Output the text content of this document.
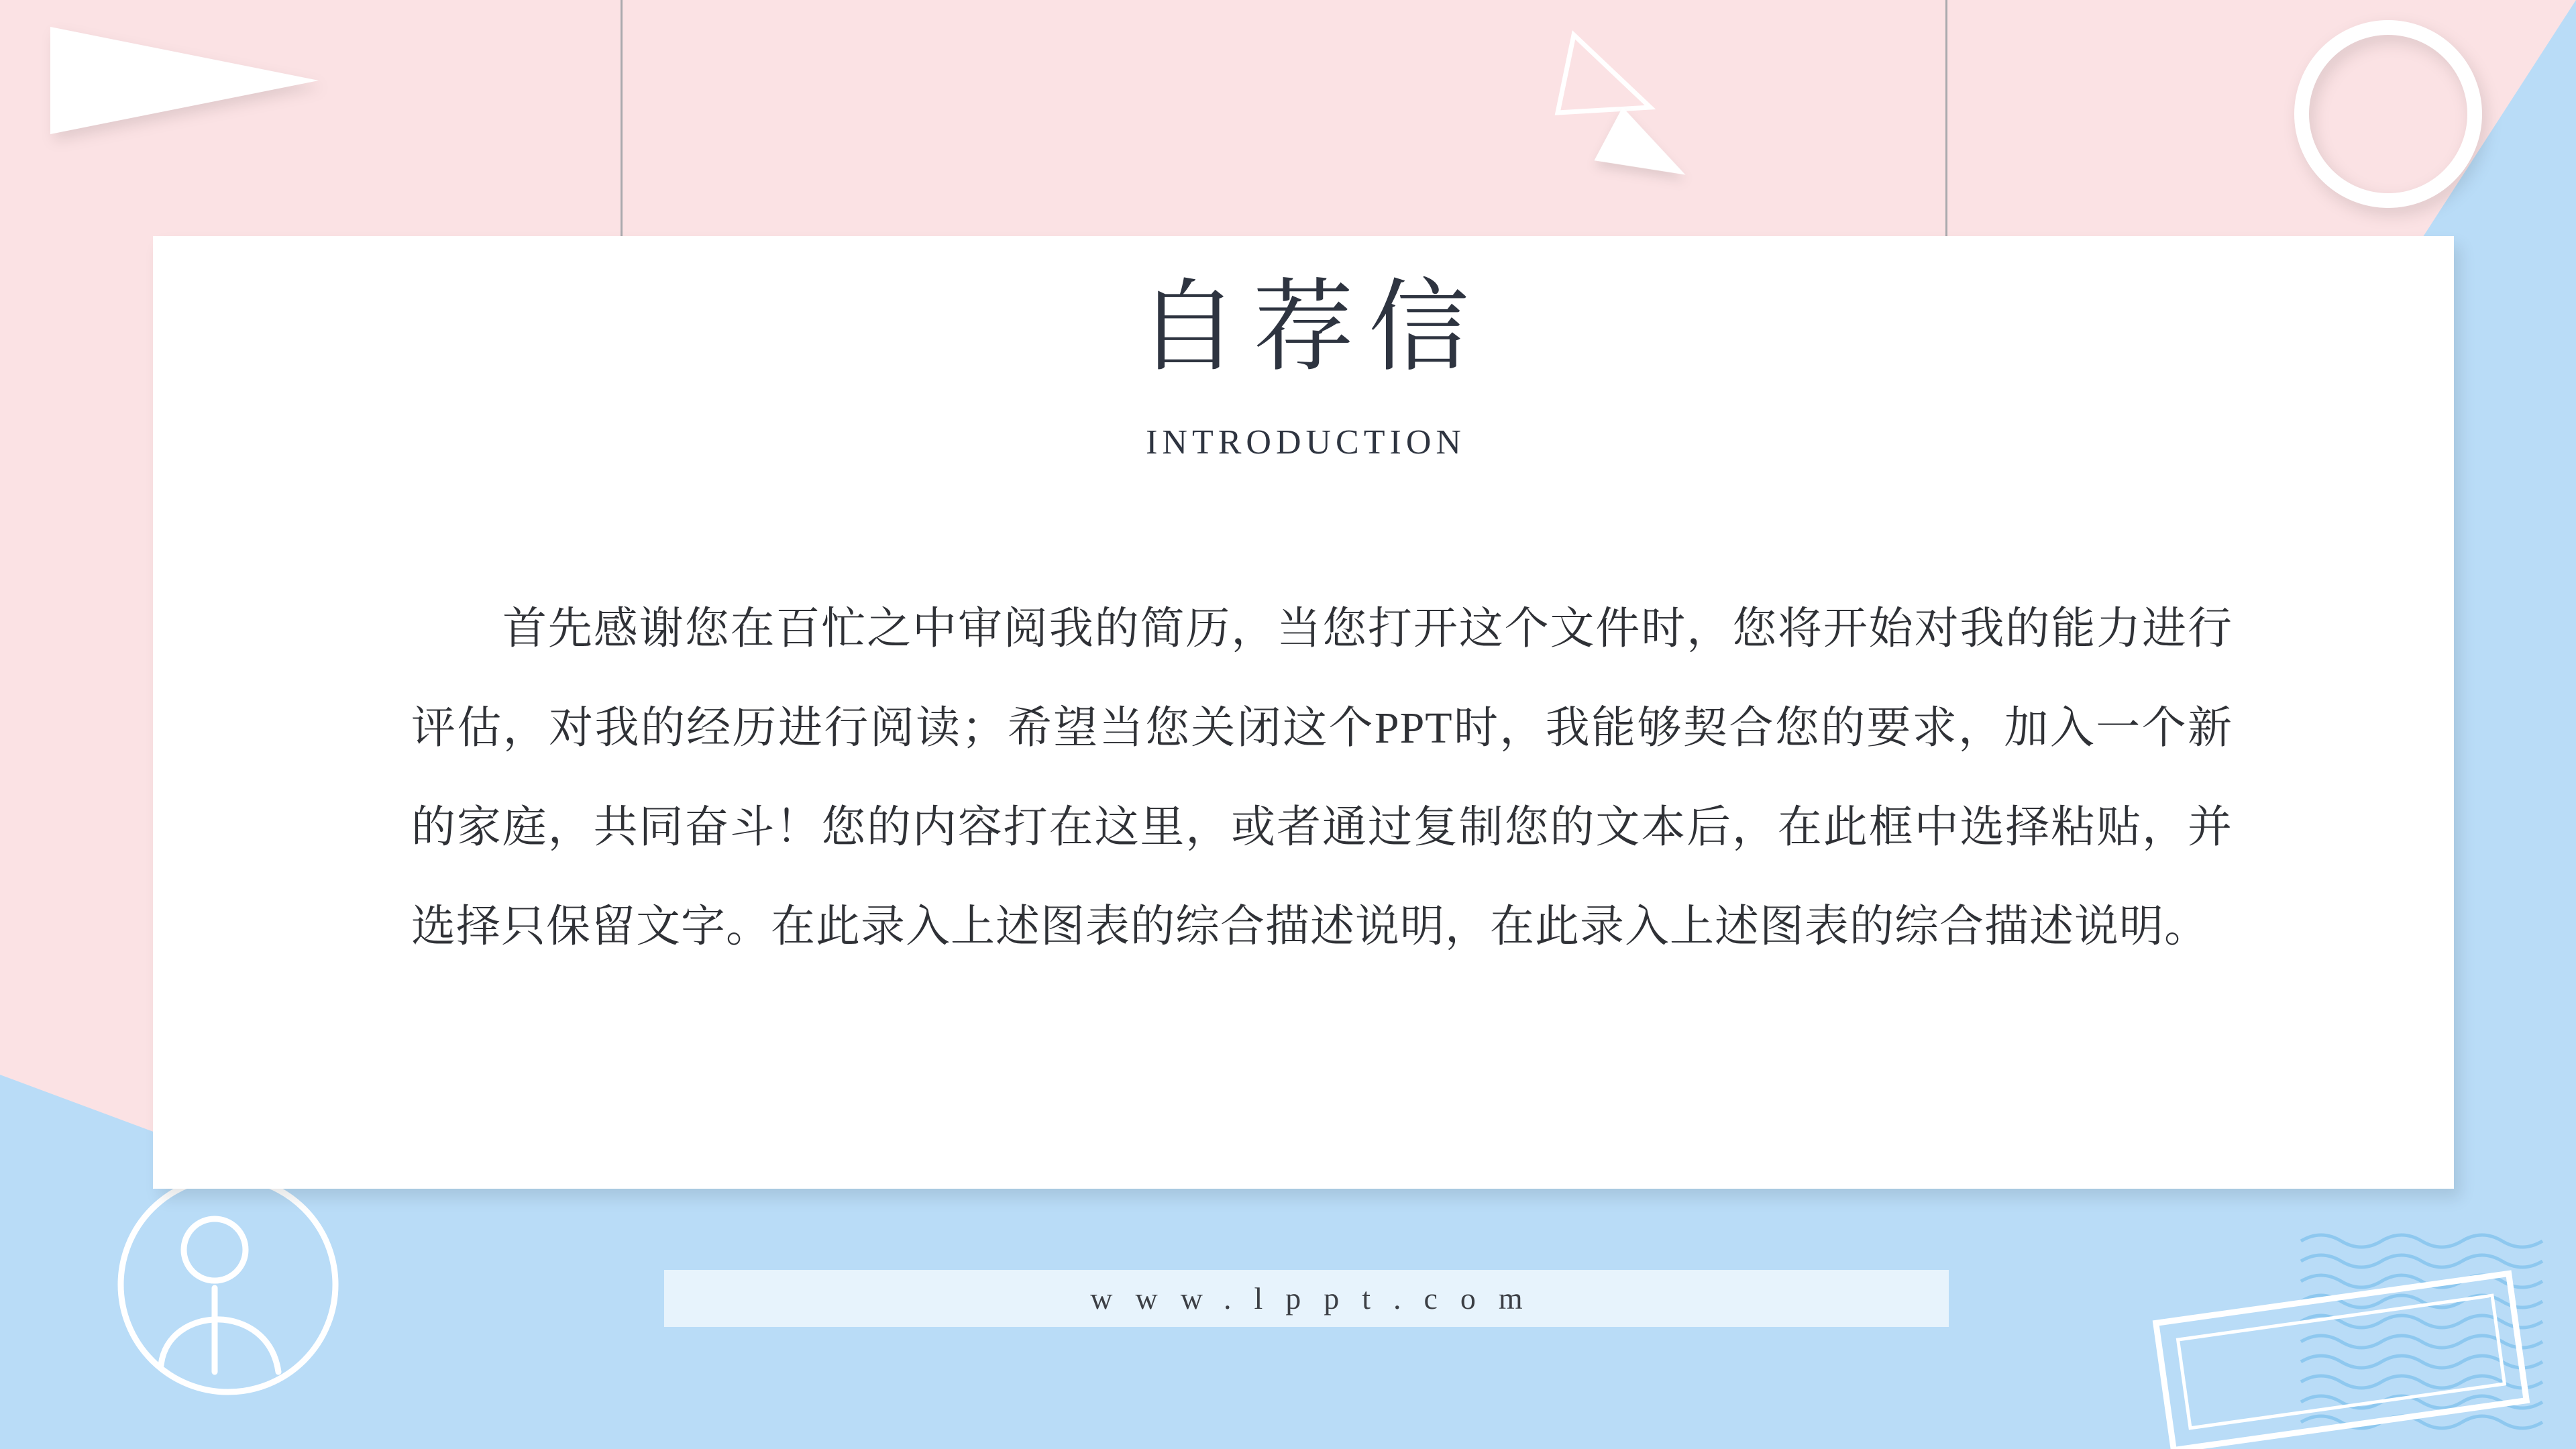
自荐信
INTRODUCTION
首先感谢您在百忙之中审阅我的简历，当您打开这个文件时，您将开始对我的能力进行评估，对我的经历进行阅读；希望当您关闭这个PPT时，我能够契合您的要求，加入一个新的家庭，共同奋斗！您的内容打在这里，或者通过复制您的文本后，在此框中选择粘贴，并选择只保留文字。在此录入上述图表的综合描述说明，在此录入上述图表的综合描述说明。
www.lppt.com
